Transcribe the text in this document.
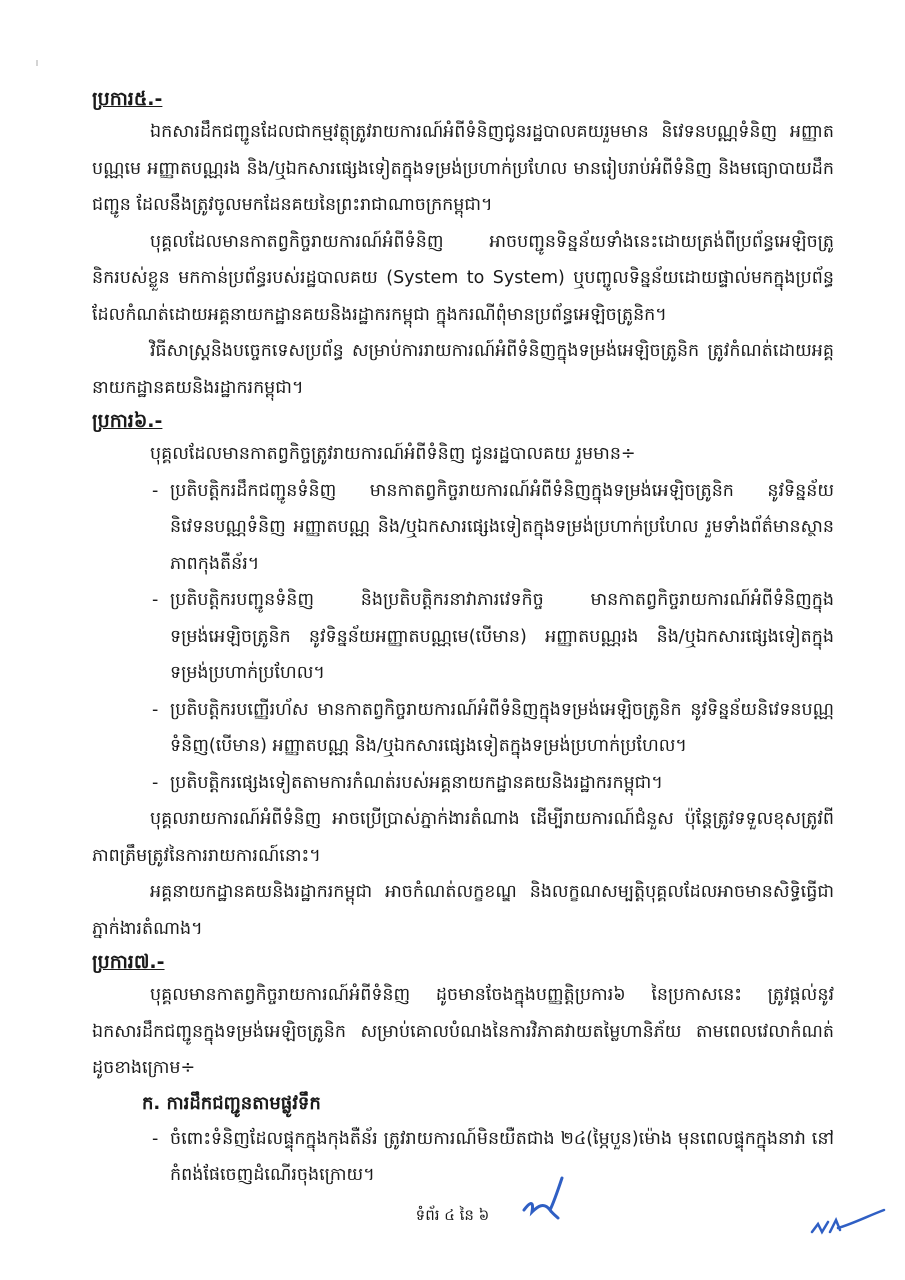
ប្រការ៥.-

ឯកសារដឹកជញ្ជូនដែលជាកម្មវត្ថុត្រូវរាយការណ៍អំពីទំនិញជូនរដ្ឋបាលគយរួមមាន និវេទនបណ្ណទំនិញ អញ្ញាតបណ្ណមេ អញ្ញាតបណ្ណរង និង/ឬឯកសារផ្សេងទៀតក្នុងទម្រង់ប្រហាក់ប្រហែល មានរៀបរាប់អំពីទំនិញ និងមធ្យោបាយដឹកជញ្ជូន ដែលនឹងត្រូវចូលមកដែនគយនៃព្រះរាជាណាចក្រកម្ពុជា។

បុគ្គលដែលមានកាតព្វកិច្ចរាយការណ៍អំពីទំនិញ អាចបញ្ជូនទិន្នន័យទាំងនេះដោយត្រង់ពីប្រព័ន្ធអេឡិចត្រូនិករបស់ខ្លួន មកកាន់ប្រព័ន្ធរបស់រដ្ឋបាលគយ (System to System) ឬបញ្ចូលទិន្នន័យដោយផ្ទាល់មកក្នុងប្រព័ន្ធដែលកំណត់ដោយអគ្គនាយកដ្ឋានគយនិងរដ្ឋាករកម្ពុជា ក្នុងករណីពុំមានប្រព័ន្ធអេឡិចត្រូនិក។

វិធីសាស្ត្រនិងបច្ចេកទេសប្រព័ន្ធ សម្រាប់ការរាយការណ៍អំពីទំនិញក្នុងទម្រង់អេឡិចត្រូនិក ត្រូវកំណត់ដោយអគ្គនាយកដ្ឋានគយនិងរដ្ឋាករកម្ពុជា។

ប្រការ៦.-

បុគ្គលដែលមានកាតព្វកិច្ចត្រូវរាយការណ៍អំពីទំនិញ ជូនរដ្ឋបាលគយ រួមមាន÷

- ប្រតិបត្តិករដឹកជញ្ជូនទំនិញ មានកាតព្វកិច្ចរាយការណ៍អំពីទំនិញក្នុងទម្រង់អេឡិចត្រូនិក នូវទិន្នន័យនិវេទនបណ្ណទំនិញ អញ្ញាតបណ្ណ និង/ឬឯកសារផ្សេងទៀតក្នុងទម្រង់ប្រហាក់ប្រហែល រួមទាំងព័ត៌មានស្ថានភាពកុងតឺន័រ។
- ប្រតិបត្តិករបញ្ជូនទំនិញ និងប្រតិបត្តិករនាវាភារវេទកិច្ច មានកាតព្វកិច្ចរាយការណ៍អំពីទំនិញក្នុងទម្រង់អេឡិចត្រូនិក នូវទិន្នន័យអញ្ញាតបណ្ណមេ(បើមាន) អញ្ញាតបណ្ណរង និង/ឬឯកសារផ្សេងទៀតក្នុងទម្រង់ប្រហាក់ប្រហែល។
- ប្រតិបត្តិករបញ្ញើរហ័ស មានកាតព្វកិច្ចរាយការណ៍អំពីទំនិញក្នុងទម្រង់អេឡិចត្រូនិក នូវទិន្នន័យនិវេទនបណ្ណទំនិញ(បើមាន) អញ្ញាតបណ្ណ និង/ឬឯកសារផ្សេងទៀតក្នុងទម្រង់ប្រហាក់ប្រហែល។
- ប្រតិបត្តិករផ្សេងទៀតតាមការកំណត់របស់អគ្គនាយកដ្ឋានគយនិងរដ្ឋាករកម្ពុជា។

បុគ្គលរាយការណ៍អំពីទំនិញ អាចប្រើប្រាស់ភ្នាក់ងារតំណាង ដើម្បីរាយការណ៍ជំនួស ប៉ុន្តែត្រូវទទួលខុសត្រូវពីភាពត្រឹមត្រូវនៃការរាយការណ៍នោះ។

អគ្គនាយកដ្ឋានគយនិងរដ្ឋាករកម្ពុជា អាចកំណត់លក្ខខណ្ឌ និងលក្ខណសម្បត្តិបុគ្គលដែលអាចមានសិទ្ធិធ្វើជាភ្នាក់ងារតំណាង។

ប្រការ៧.-

បុគ្គលមានកាតព្វកិច្ចរាយការណ៍អំពីទំនិញ ដូចមានចែងក្នុងបញ្ញត្តិប្រការ៦ នៃប្រកាសនេះ ត្រូវផ្តល់នូវឯកសារដឹកជញ្ជូនក្នុងទម្រង់អេឡិចត្រូនិក សម្រាប់គោលបំណងនៃការវិភាគវាយតម្លៃហានិភ័យ តាមពេលវេលាកំណត់ ដូចខាងក្រោម÷

ក. ការដឹកជញ្ជូនតាមផ្លូវទឹក

- ចំពោះទំនិញដែលផ្ទុកក្នុងកុងតឺន័រ ត្រូវរាយការណ៍មិនយឺតជាង ២៤(ម្ភៃបួន)ម៉ោង មុនពេលផ្ទុកក្នុងនាវា នៅកំពង់ផែចេញដំណើរចុងក្រោយ។
ទំព័រ ៤ នៃ ៦
